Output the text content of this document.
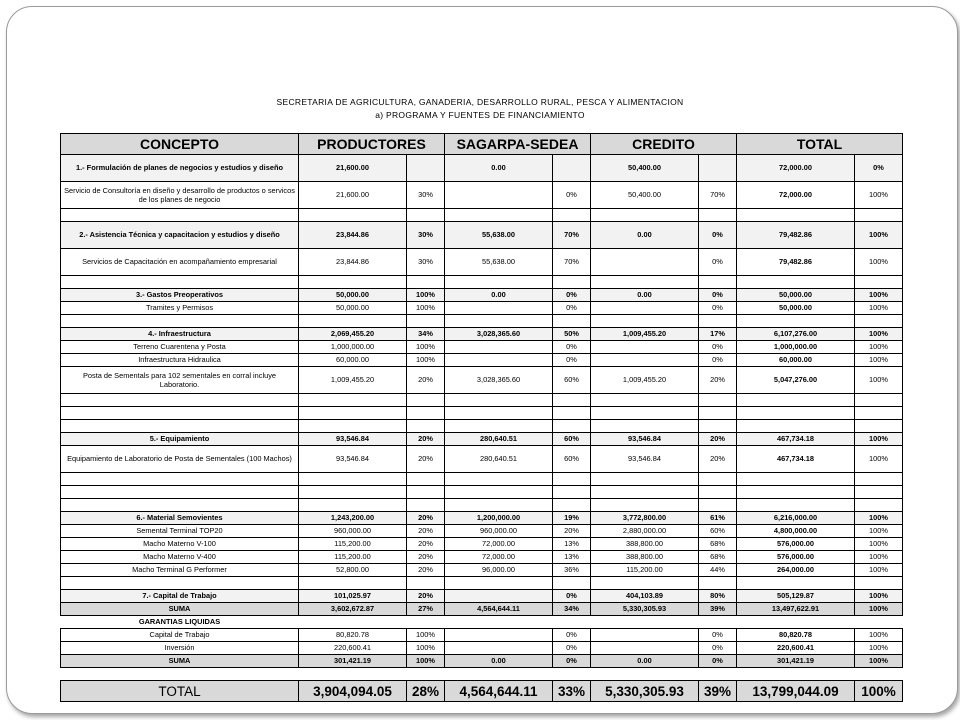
SECRETARIA DE AGRICULTURA, GANADERIA, DESARROLLO RURAL, PESCA Y ALIMENTACION
a) PROGRAMA Y FUENTES DE FINANCIAMIENTO
CONCEPTO	PRODUCTORES		SAGARPA-SEDEA		CREDITO		TOTAL	
1.- Formulación de planes de negocios y estudios y diseño	21,600.00		0.00		50,400.00		72,000.00	0%
Servicio de Consultoría en diseño y desarrollo de productos o servicos de los planes de negocio	21,600.00	30%		0%	50,400.00	70%	72,000.00	100%

2.- Asistencia Técnica y capacitacion y estudios y diseño	23,844.86	30%	55,638.00	70%	0.00	0%	79,482.86	100%
Servicios de Capacitación en acompañamiento empresarial	23,844.86	30%	55,638.00	70%		0%	79,482.86	100%

3.- Gastos Preoperativos	50,000.00	100%	0.00	0%	0.00	0%	50,000.00	100%
Tramites y Permisos	50,000.00	100%		0%		0%	50,000.00	100%

4.- Infraestructura	2,069,455.20	34%	3,028,365.60	50%	1,009,455.20	17%	6,107,276.00	100%
Terreno Cuarentena y Posta	1,000,000.00	100%		0%		0%	1,000,000.00	100%
Infraestructura Hidraulica	60,000.00	100%		0%		0%	60,000.00	100%
Posta de Sementals para 102 sementales en corral incluye Laboratorio.	1,009,455.20	20%	3,028,365.60	60%	1,009,455.20	20%	5,047,276.00	100%

5.- Equipamiento	93,546.84	20%	280,640.51	60%	93,546.84	20%	467,734.18	100%
Equipamiento de Laboratorio de Posta de Sementales (100 Machos)	93,546.84	20%	280,640.51	60%	93,546.84	20%	467,734.18	100%

6.- Material Semovientes	1,243,200.00	20%	1,200,000.00	19%	3,772,800.00	61%	6,216,000.00	100%
Semental Terminal TOP20	960,000.00	20%	960,000.00	20%	2,880,000.00	60%	4,800,000.00	100%
Macho Materno V-100	115,200.00	20%	72,000.00	13%	388,800.00	68%	576,000.00	100%
Macho Materno V-400	115,200.00	20%	72,000.00	13%	388,800.00	68%	576,000.00	100%
Macho Terminal G Performer	52,800.00	20%	96,000.00	36%	115,200.00	44%	264,000.00	100%

7.- Capital de Trabajo	101,025.97	20%		0%	404,103.89	80%	505,129.87	100%
SUMA	3,602,672.87	27%	4,564,644.11	34%	5,330,305.93	39%	13,497,622.91	100%
GARANTIAS LIQUIDAS								
Capital de Trabajo	80,820.78	100%		0%		0%	80,820.78	100%
Inversión	220,600.41	100%		0%		0%	220,600.41	100%
SUMA	301,421.19	100%	0.00	0%	0.00	0%	301,421.19	100%
TOTAL	3,904,094.05	28%	4,564,644.11	33%	5,330,305.93	39%	13,799,044.09	100%
